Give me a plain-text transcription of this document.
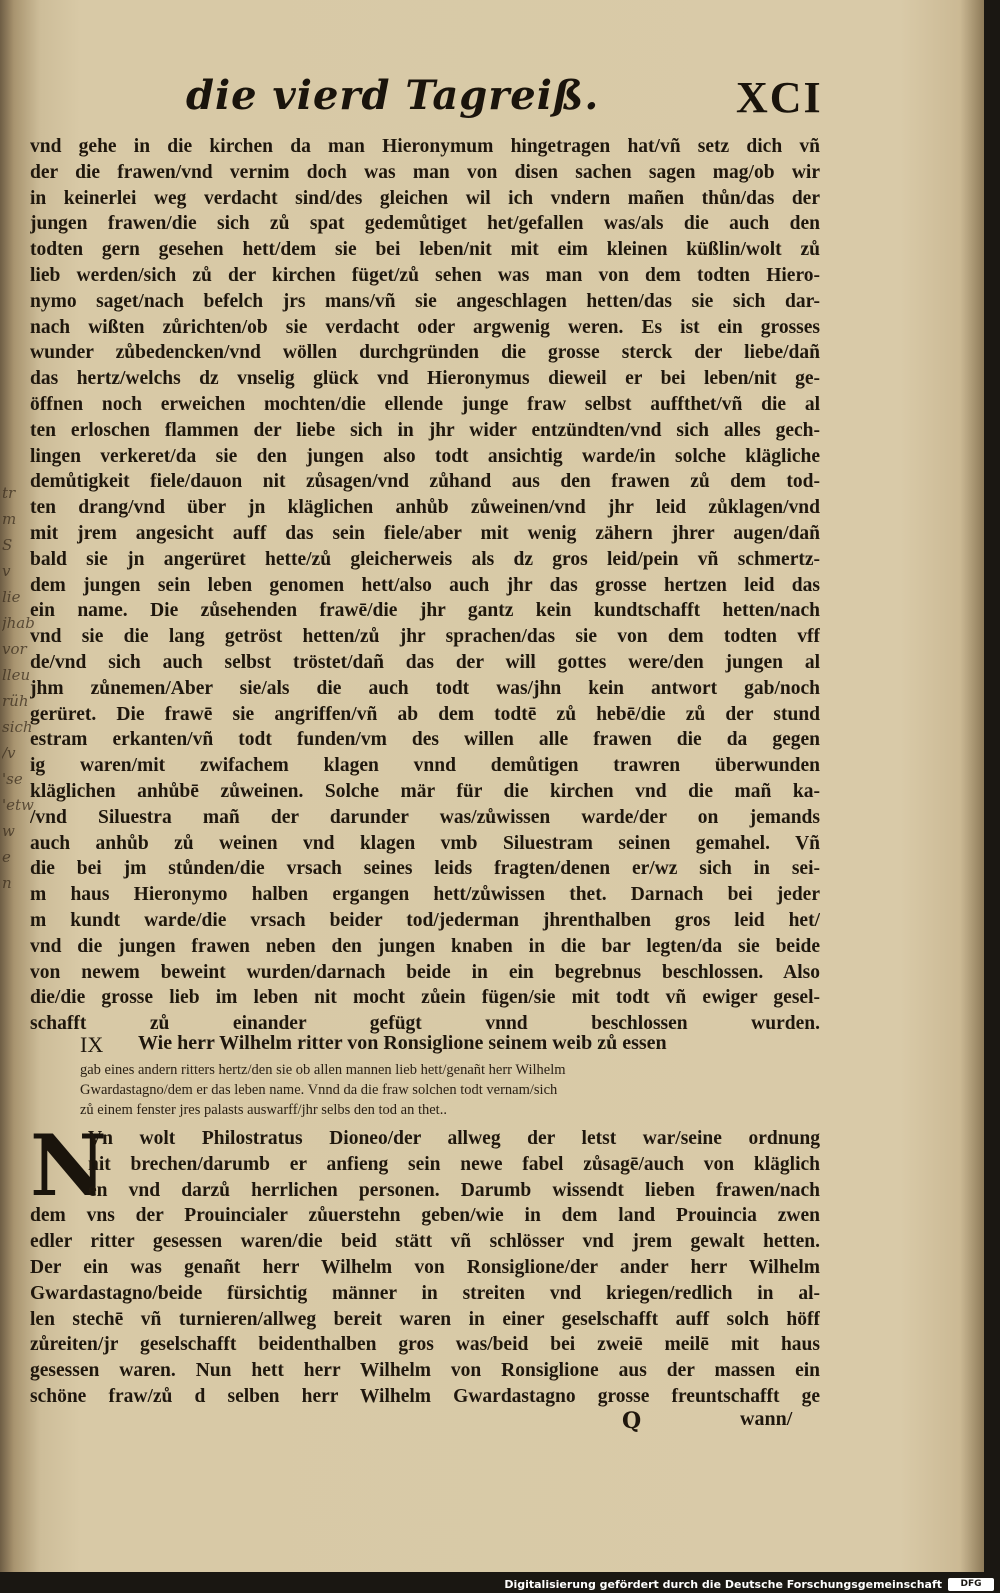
die vierd Tagreiß.	XCI
tr
m
S
v
lie
jhab
vor
lleu
rüh
sich
/v
'se
'etw
w
e
n
vnd gehe in die kirchen da man Hieronymum hingetragen hat/vñ setz dich vñ
der die frawen/vnd vernim doch was man von disen sachen sagen mag/ob wir
in keinerlei weg verdacht sind/des gleichen wil ich vndern mañen thůn/das der
jungen frawen/die sich zů spat gedemůtiget het/gefallen was/als die auch den
todten gern gesehen hett/dem sie bei leben/nit mit eim kleinen küßlin/wolt zů
lieb werden/sich zů der kirchen füget/zů sehen was man von dem todten Hiero-
nymo saget/nach befelch jrs mans/vñ sie angeschlagen hetten/das sie sich dar-
nach wißten zůrichten/ob sie verdacht oder argwenig weren. Es ist ein grosses
wunder zůbedencken/vnd wöllen durchgründen die grosse sterck der liebe/dañ
das hertz/welchs dz vnselig glück vnd Hieronymus dieweil er bei leben/nit ge-
öffnen noch erweichen mochten/die ellende junge fraw selbst auffthet/vñ die al
ten erloschen flammen der liebe sich in jhr wider entzündten/vnd sich alles gech-
lingen verkeret/da sie den jungen also todt ansichtig warde/in solche klägliche
demůtigkeit fiele/dauon nit zůsagen/vnd zůhand aus den frawen zů dem tod-
ten drang/vnd über jn kläglichen anhůb zůweinen/vnd jhr leid zůklagen/vnd
mit jrem angesicht auff das sein fiele/aber mit wenig zähern jhrer augen/dañ
bald sie jn angerüret hette/zů gleicherweis als dz gros leid/pein vñ schmertz-
dem jungen sein leben genomen hett/also auch jhr das grosse hertzen leid das
ein name. Die zůsehenden frawē/die jhr gantz kein kundtschafft hetten/nach
vnd sie die lang getröst hetten/zů jhr sprachen/das sie von dem todten vff
de/vnd sich auch selbst tröstet/dañ das der will gottes were/den jungen al
jhm zůnemen/Aber sie/als die auch todt was/jhn kein antwort gab/noch
gerüret. Die frawē sie angriffen/vñ ab dem todtē zů hebē/die zů der stund
estram erkanten/vñ todt funden/vm des willen alle frawen die da gegen
ig waren/mit zwifachem klagen vnnd demůtigen trawren überwunden
kläglichen anhůbē zůweinen. Solche mär für die kirchen vnd die mañ ka-
/vnd Siluestra mañ der darunder was/zůwissen warde/der on jemands
auch anhůb zů weinen vnd klagen vmb Siluestram seinen gemahel. Vñ
die bei jm stůnden/die vrsach seines leids fragten/denen er/wz sich in sei-
m haus Hieronymo halben ergangen hett/zůwissen thet. Darnach bei jeder
m kundt warde/die vrsach beider tod/jederman jhrenthalben gros leid het/
vnd die jungen frawen neben den jungen knaben in die bar legten/da sie beide
von newem beweint wurden/darnach beide in ein begrebnus beschlossen. Also
die/die grosse lieb im leben nit mocht zůein fügen/sie mit todt vñ ewiger gesel-
schafft zů einander gefügt vnnd beschlossen wurden.
IX Wie herr Wilhelm ritter von Ronsiglione seinem weib zů essen
gab eines andern ritters hertz/den sie ob allen mannen lieb hett/genañt herr Wilhelm
Gwardastagno/dem er das leben name. Vnnd da die fraw solchen todt vernam/sich
zů einem fenster jres palasts auswarff/jhr selbs den tod an thet..
N
Vn wolt Philostratus Dioneo/der allweg der letst war/seine ordnung
nit brechen/darumb er anfieng sein newe fabel zůsagē/auch von kläglich
en vnd darzů herrlichen personen. Darumb wissendt lieben frawen/nach
dem vns der Prouincialer zůuerstehn geben/wie in dem land Prouincia zwen
edler ritter gesessen waren/die beid stätt vñ schlösser vnd jrem gewalt hetten.
Der ein was genañt herr Wilhelm von Ronsiglione/der ander herr Wilhelm
Gwardastagno/beide fürsichtig männer in streiten vnd kriegen/redlich in al-
len stechē vñ turnieren/allweg bereit waren in einer geselschafft auff solch höff
zůreiten/jr geselschafft beidenthalben gros was/beid bei zweiē meilē mit haus
gesessen waren. Nun hett herr Wilhelm von Ronsiglione aus der massen ein
schöne fraw/zů d selben herr Wilhelm Gwardastagno grosse freuntschafft ge
Q	wann/
Digitalisierung gefördert durch die Deutsche Forschungsgemeinschaft	DFG
